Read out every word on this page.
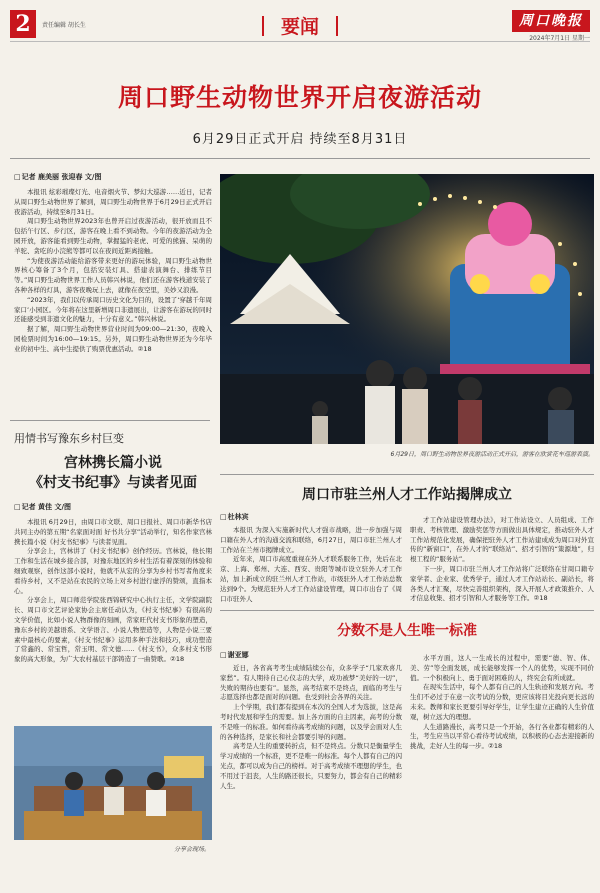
2	责任编辑 胡长生	要闻	周口晚报
2024年7月1日 星期一
周口野生动物世界开启夜游活动
6月29日正式开启 持续至8月31日
□ 记者 鹿美丽 张迎春 文/图

本报讯 炫彩璀璨灯光、电音烟火节、梦幻大巡游……近日，记者从周口野生动物世界了解到，周口野生动物世界于6月29日正式开启夜游活动，持续至8月31日。

周口野生动物世界2023年也曾开启过夜游活动，很开放而且不包括午行区、步行区，游客在晚上看不到动物。今年的夜游活动为全园开放，游客能看到野生动物，掌握猛的老虎、可爱的熊猫、呆萌的羊驼、贪吃的小浣熊等都可以在夜间近距离接触。

“为使夜游活动能给游客带来更好的游玩体验，周口野生动物世界核心筹备了3个月，包括安装灯具、搭建表演舞台、排练节目等。”周口野生动物世界工作人员韩兴林说，他们还在游客栈道安装了各种各样的灯具，游客夜晚玩上去，就像在夜空里，美妙又浪漫。

“2023年，我们以传承周口历史文化为目的，设置了‘穿越千年周家口’小园区。今年将在这里新增周口非遗展出，让游客在游玩的同时还能感受到非遗文化的魅力，十分有意义。”韩兴林说。

据了解，周口野生动物世界营业时间为09:00—21:30，夜晚入园检票时间为16:00—19:15。另外，周口野生动物世界还为今年毕业的初中生、高中生提供了购票优惠活动。②18

6月29日，周口野生动物世界夜游活动正式开启，游客在欣赏花车巡游表演。
用情书写豫东乡村巨变
宫林携长篇小说
《村支书纪事》与读者见面
□ 记者 黄佳 文/图

本报讯 6月29日，由周口市文联、周口日报社、周口市新华书店共同主办的第五期“名家面对面 好书共分享”活动举行，知名作家宫林携长篇小说《村支书纪事》与读者见面。

分享会上，宫林讲了《村支书纪事》创作经历。宫林说，他长期工作和生活在城乡接合部，对豫东地区的乡村生活有着深刻的体验和细致观察，创作这部小说时，他就不从宏的分享为乡村书写者角度来看待乡村，又不是站在农民的立场上对乡村进行虚浮的赞颂，直指本心。

分享会上，周口师范学院张西锦研究中心执行主任，文学院副院长、周口市文艺评论家协会主席任动认为，《村支书纪事》有很高的文学价值，比如小说人物群像的刻画，常家旺代村支书形象的塑造，豫东乡村的美越语系、文学语言、小说人物塑造等，人物是小说三要素中最核心的要素，《村支书纪事》运用多种手法和技巧，成功塑造了常鑫的、常宝哲，常玉明、常文德……《村支书》，众多村支书形象的高大形象，为广大农村基层干部铸造了一曲赞歌。②18

分享会现场。
周口市驻兰州人才工作站揭牌成立
□ 杜林宾

本报讯 为深入实施新时代人才强市战略，进一步加强与周口籍在外人才的沟通交流和联络，6月27日，周口市驻兰州人才工作站在兰州市揭牌成立。

近年来，周口市高度重视在外人才联系服务工作，先后在北京、上海、郑州、大连、西安、贵阳等城市设立驻外人才工作站，加上新成立的驻兰州人才工作站，市级驻外人才工作站总数达到9个。为规范驻外人才工作站建设管理，周口市出台了《周口市驻外人

才工作站建设管理办法》，对工作站设立、人员组成、工作职责、考核管理、激励奖惩等方面做出具体规定，推动驻外人才工作站规范化发展，确保把驻外人才工作站建成成为周口对外宣传的“新窗口”，在外人才的“联络站”、招才引智的“策源地”，归根工程的“服务站”。

下一步，周口市驻兰州人才工作站将广泛联络在甘周口籍专家学者、企业家、优秀学子，通过人才工作站站长、副站长，将各类人才汇聚，尽快完善组织架构，深入开展人才政策推介、人才信息收集、招才引智和人才服务等工作。②18

分数不是人生唯一标准
□ 谢亚娜

近日，各省高考考生成绩陆续公布，众多学子“几家欢喜几家愁”。有人期待自己心仪志的大学，成功被梦“美好的一切”，失败的期待也要有”。显然，高考结束不是终点，面临的考生与志愿选择也都是面对的问题。也受到社会各界的关注。

上个学期，我们都有提到在本次的全国人才为选拔，这是高考时代发展和学生的需要。加上各方面的自主因素，高考的分数不是唯一的标准。如何看待高考成绩的问题，以及学会面对人生的各种选择，是家长和社会都要引导的问题。

高考是人生的重要转折点，但不是终点。分数只是衡量学生学习成绩的一个标准，更不是唯一的标准。每个人都有自己的闪光点，都可以成为自己的榜样。对于高考成绩不理想的学生，也不用过于沮丧，人生的路还很长，只要努力，都会有自己的精彩人生。

水平方面，这人一生成长的过程中，需要“德、智、体、美、劳”等全面发展，成长能够发挥一个人的优势，实现不同价值。一个积极向上、勇于面对困难的人，终究会有所成就。

在现实生活中，每个人都有自己的人生轨迹和发展方向。考生们不必过于在意一次考试的分数，更应该将目光投向更长远的未来。教师和家长更要引导好学生，让学生建立正确的人生价值观，树立远大的理想。

人生道路漫长，高考只是一个开始，各行各业都有精彩的人生，考生应当以平常心看待考试成绩，以积极的心态去迎接新的挑战，走好人生的每一步。②18
